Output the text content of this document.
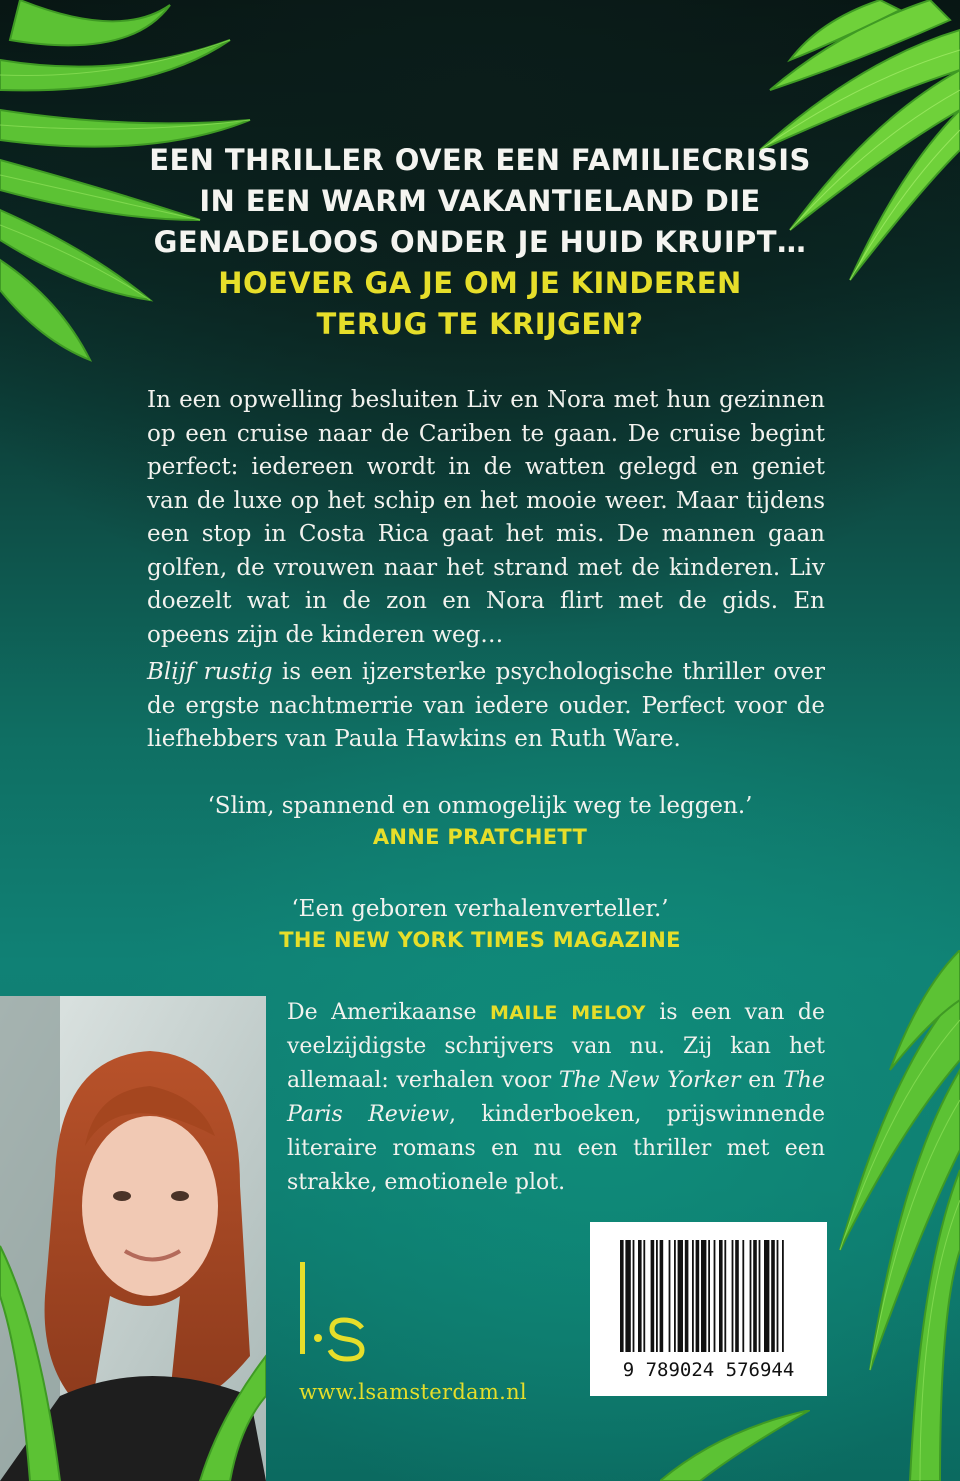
EEN THRILLER OVER EEN FAMILIECRISIS
IN EEN WARM VAKANTIELAND DIE
GENADELOOS ONDER JE HUID KRUIPT…
HOEVER GA JE OM JE KINDEREN
TERUG TE KRIJGEN?

In een opwelling besluiten Liv en Nora met hun gezinnen op een cruise naar de Cariben te gaan. De cruise begint perfect: iedereen wordt in de watten gelegd en geniet van de luxe op het schip en het mooie weer. Maar tijdens een stop in Costa Rica gaat het mis. De mannen gaan golfen, de vrouwen naar het strand met de kinderen. Liv doezelt wat in de zon en Nora flirt met de gids. En opeens zijn de kinderen weg…

Blijf rustig is een ijzersterke psychologische thriller over de ergste nachtmerrie van iedere ouder. Perfect voor de liefhebbers van Paula Hawkins en Ruth Ware.

‘Slim, spannend en onmogelijk weg te leggen.’
ANNE PRATCHETT
‘Een geboren verhalenverteller.’
THE NEW YORK TIMES MAGAZINE
De Amerikaanse MAILE MELOY is een van de veelzijdigste schrijvers van nu. Zij kan het allemaal: verhalen voor The New Yorker en The Paris Review, kinderboeken, prijswinnende literaire romans en nu een thriller met een strakke, emotionele plot.
www.lsamsterdam.nl
9 789024 576944
